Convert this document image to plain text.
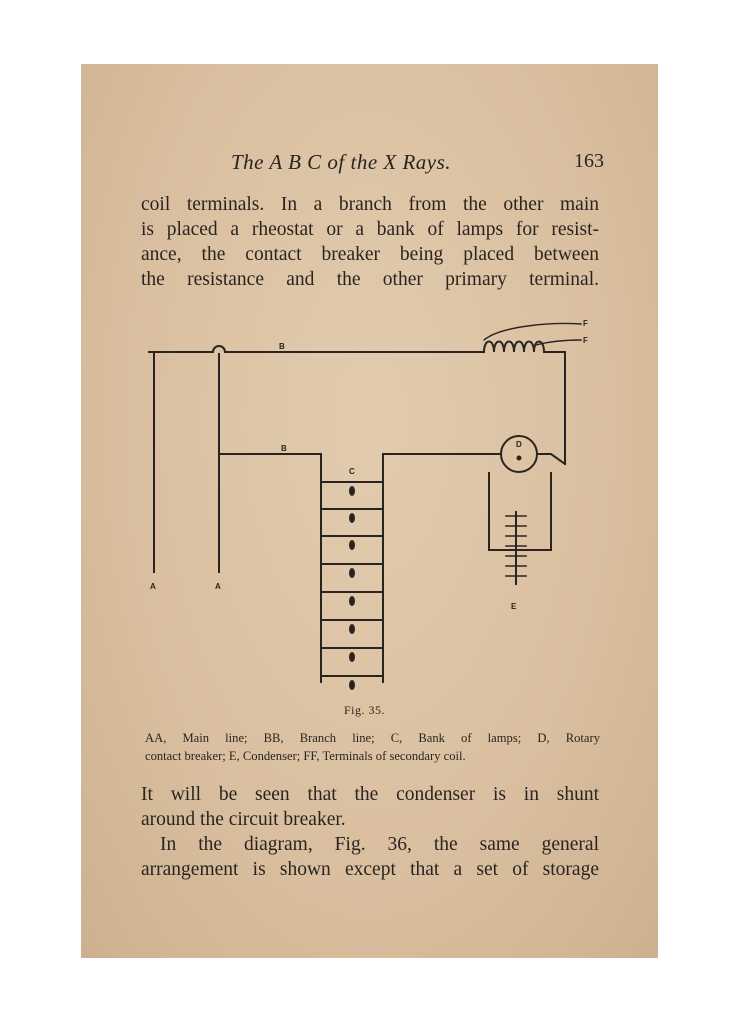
The A B C of the X Rays.	163
coil terminals. In a branch from the other main
is placed a rheostat or a bank of lamps for resist-
ance, the contact breaker being placed between
the resistance and the other primary terminal.
A	A
B
B
C
D
E
F
F
Fig. 35.
AA, Main line; BB, Branch line; C, Bank of lamps; D, Rotary
contact breaker; E, Condenser; FF, Terminals of secondary coil.
It will be seen that the condenser is in shunt
around the circuit breaker.
In the diagram, Fig. 36, the same general
arrangement is shown except that a set of storage
